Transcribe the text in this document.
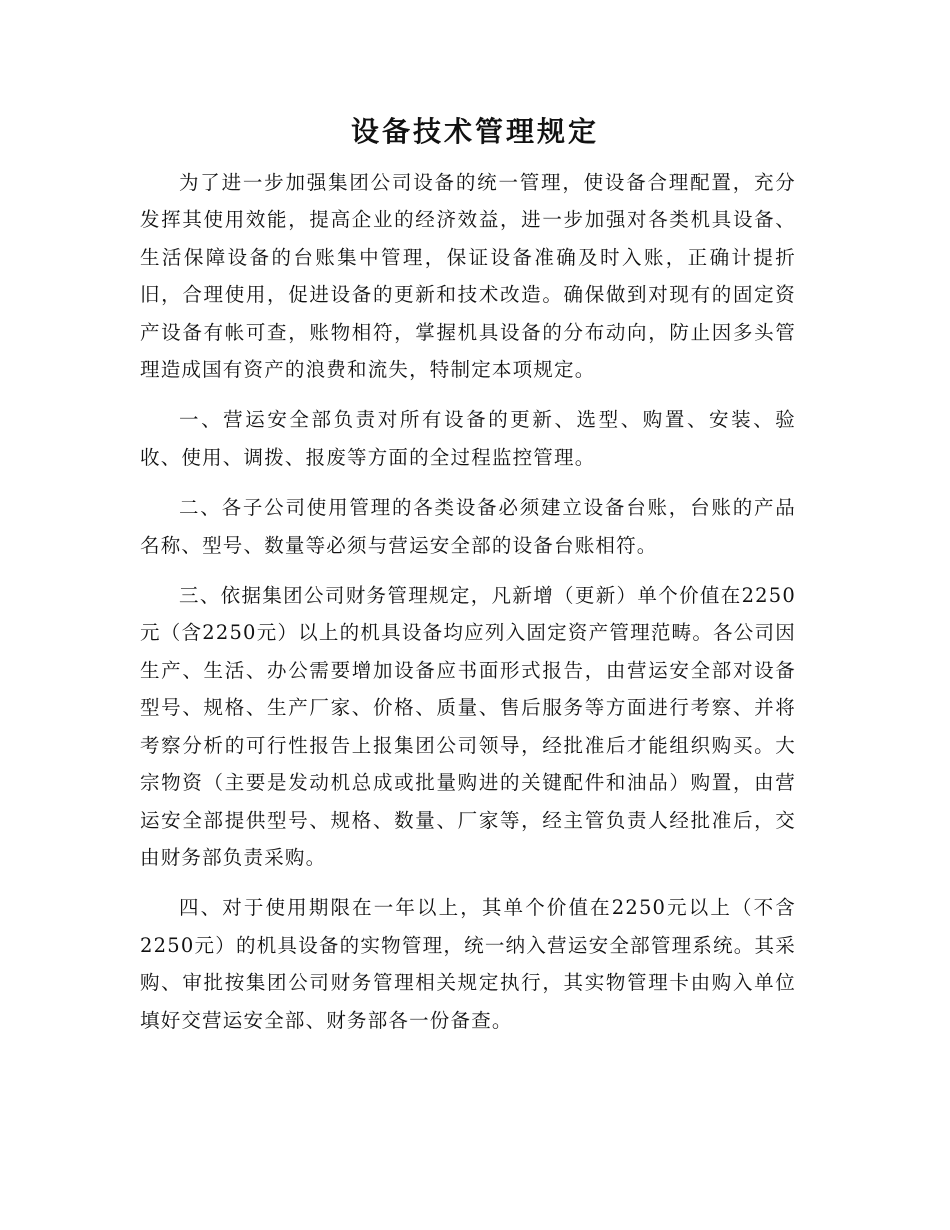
设备技术管理规定

为了进一步加强集团公司设备的统一管理，使设备合理配置，充分发挥其使用效能，提高企业的经济效益，进一步加强对各类机具设备、生活保障设备的台账集中管理，保证设备准确及时入账，正确计提折旧，合理使用，促进设备的更新和技术改造。确保做到对现有的固定资产设备有帐可查，账物相符，掌握机具设备的分布动向，防止因多头管理造成国有资产的浪费和流失，特制定本项规定。

一、营运安全部负责对所有设备的更新、选型、购置、安装、验收、使用、调拨、报废等方面的全过程监控管理。

二、各子公司使用管理的各类设备必须建立设备台账，台账的产品名称、型号、数量等必须与营运安全部的设备台账相符。

三、依据集团公司财务管理规定，凡新增（更新）单个价值在2250元（含2250元）以上的机具设备均应列入固定资产管理范畴。各公司因生产、生活、办公需要增加设备应书面形式报告，由营运安全部对设备型号、规格、生产厂家、价格、质量、售后服务等方面进行考察、并将考察分析的可行性报告上报集团公司领导，经批准后才能组织购买。大宗物资（主要是发动机总成或批量购进的关键配件和油品）购置，由营运安全部提供型号、规格、数量、厂家等，经主管负责人经批准后，交由财务部负责采购。

四、对于使用期限在一年以上，其单个价值在2250元以上（不含2250元）的机具设备的实物管理，统一纳入营运安全部管理系统。其采购、审批按集团公司财务管理相关规定执行，其实物管理卡由购入单位填好交营运安全部、财务部各一份备查。
